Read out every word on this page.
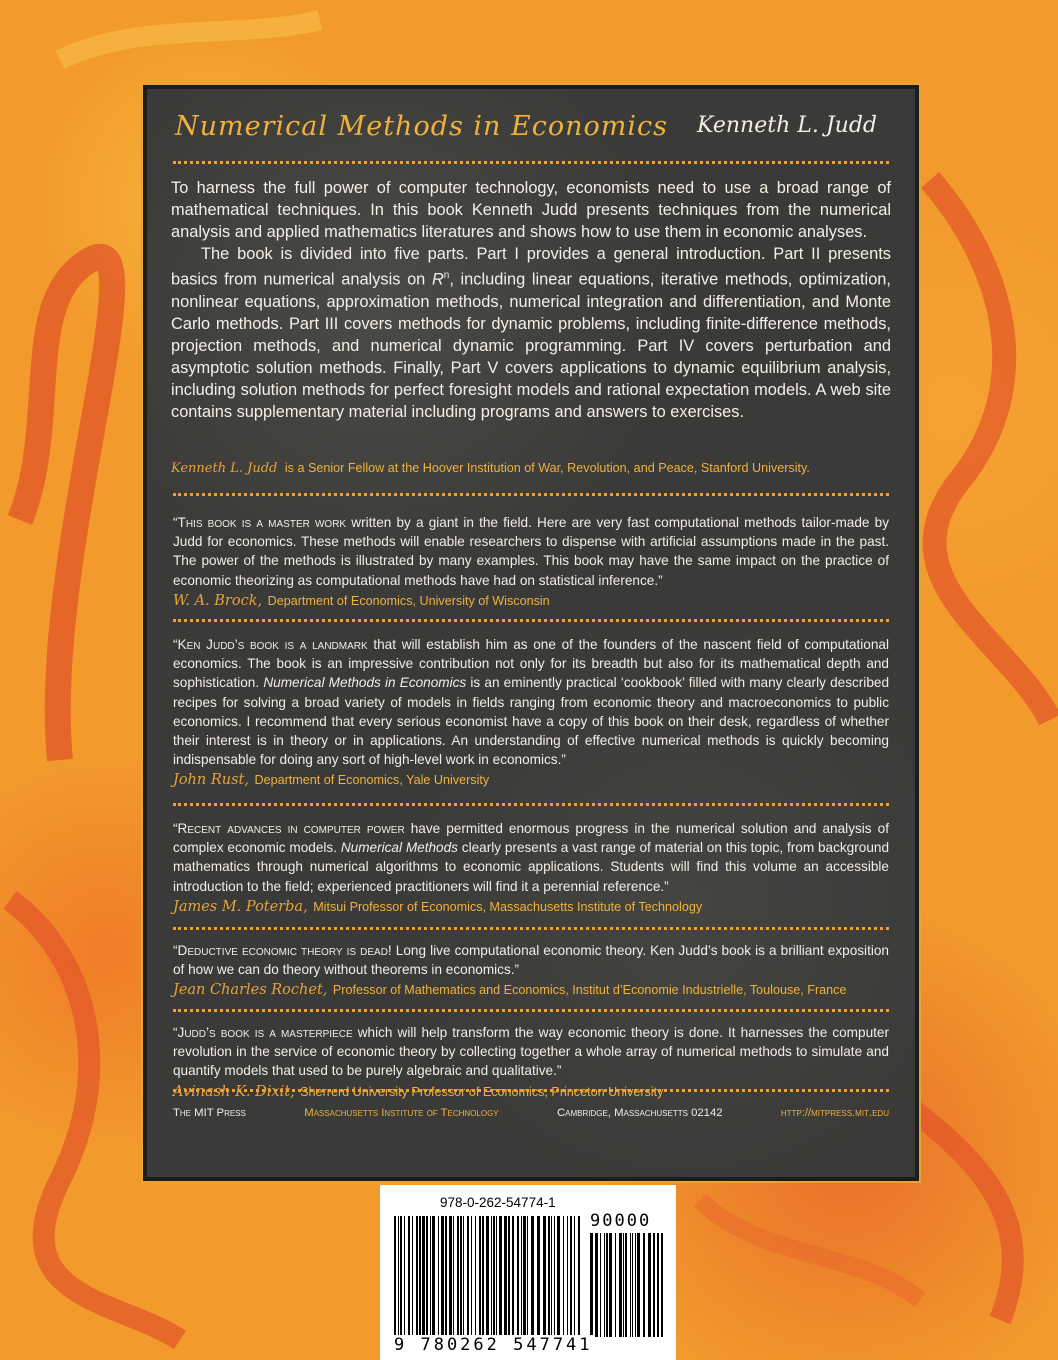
Numerical Methods in Economics Kenneth L. Judd

To harness the full power of computer technology, economists need to use a broad range of mathematical techniques. In this book Kenneth Judd presents techniques from the numerical analysis and applied mathematics literatures and shows how to use them in economic analyses.

The book is divided into five parts. Part I provides a general introduction. Part II presents basics from numerical analysis on $R^n$, including linear equations, iterative methods, optimization, nonlinear equations, approximation methods, numerical integration and differentiation, and Monte Carlo methods. Part III covers methods for dynamic problems, including finite-difference methods, projection methods, and numerical dynamic programming. Part IV covers perturbation and asymptotic solution methods. Finally, Part V covers applications to dynamic equilibrium analysis, including solution methods for perfect foresight models and rational expectation models. A web site contains supplementary material including programs and answers to exercises.

Kenneth L. Judd is a Senior Fellow at the Hoover Institution of War, Revolution, and Peace, Stanford University.

“This book is a master work written by a giant in the field. Here are very fast computational methods tailor-made by Judd for economics. These methods will enable researchers to dispense with artificial assumptions made in the past. The power of the methods is illustrated by many examples. This book may have the same impact on the practice of economic theorizing as computational methods have had on statistical inference.”

W. A. Brock, Department of Economics, University of Wisconsin

“Ken Judd’s book is a landmark that will establish him as one of the founders of the nascent field of computational economics. The book is an impressive contribution not only for its breadth but also for its mathematical depth and sophistication. Numerical Methods in Economics is an eminently practical ‘cookbook’ filled with many clearly described recipes for solving a broad variety of models in fields ranging from economic theory and macroeconomics to public economics. I recommend that every serious economist have a copy of this book on their desk, regardless of whether their interest is in theory or in applications. An understanding of effective numerical methods is quickly becoming indispensable for doing any sort of high-level work in economics.”

John Rust, Department of Economics, Yale University

“Recent advances in computer power have permitted enormous progress in the numerical solution and analysis of complex economic models. Numerical Methods clearly presents a vast range of material on this topic, from background mathematics through numerical algorithms to economic applications. Students will find this volume an accessible introduction to the field; experienced practitioners will find it a perennial reference.”

James M. Poterba, Mitsui Professor of Economics, Massachusetts Institute of Technology

“Deductive economic theory is dead! Long live computational economic theory. Ken Judd’s book is a brilliant exposition of how we can do theory without theorems in economics.”

Jean Charles Rochet, Professor of Mathematics and Economics, Institut d’Economie Industrielle, Toulouse, France

“Judd’s book is a masterpiece which will help transform the way economic theory is done. It harnesses the computer revolution in the service of economic theory by collecting together a whole array of numerical methods to simulate and quantify models that used to be purely algebraic and qualitative.”

Avinash K. Dixit, Sherrerd University Professor of Economics, Princeton University
The MIT Press	Massachusetts Institute of Technology	Cambridge, Massachusetts 02142	http://mitpress.mit.edu
978-0-262-54774-1
90000
9 780262 547741
